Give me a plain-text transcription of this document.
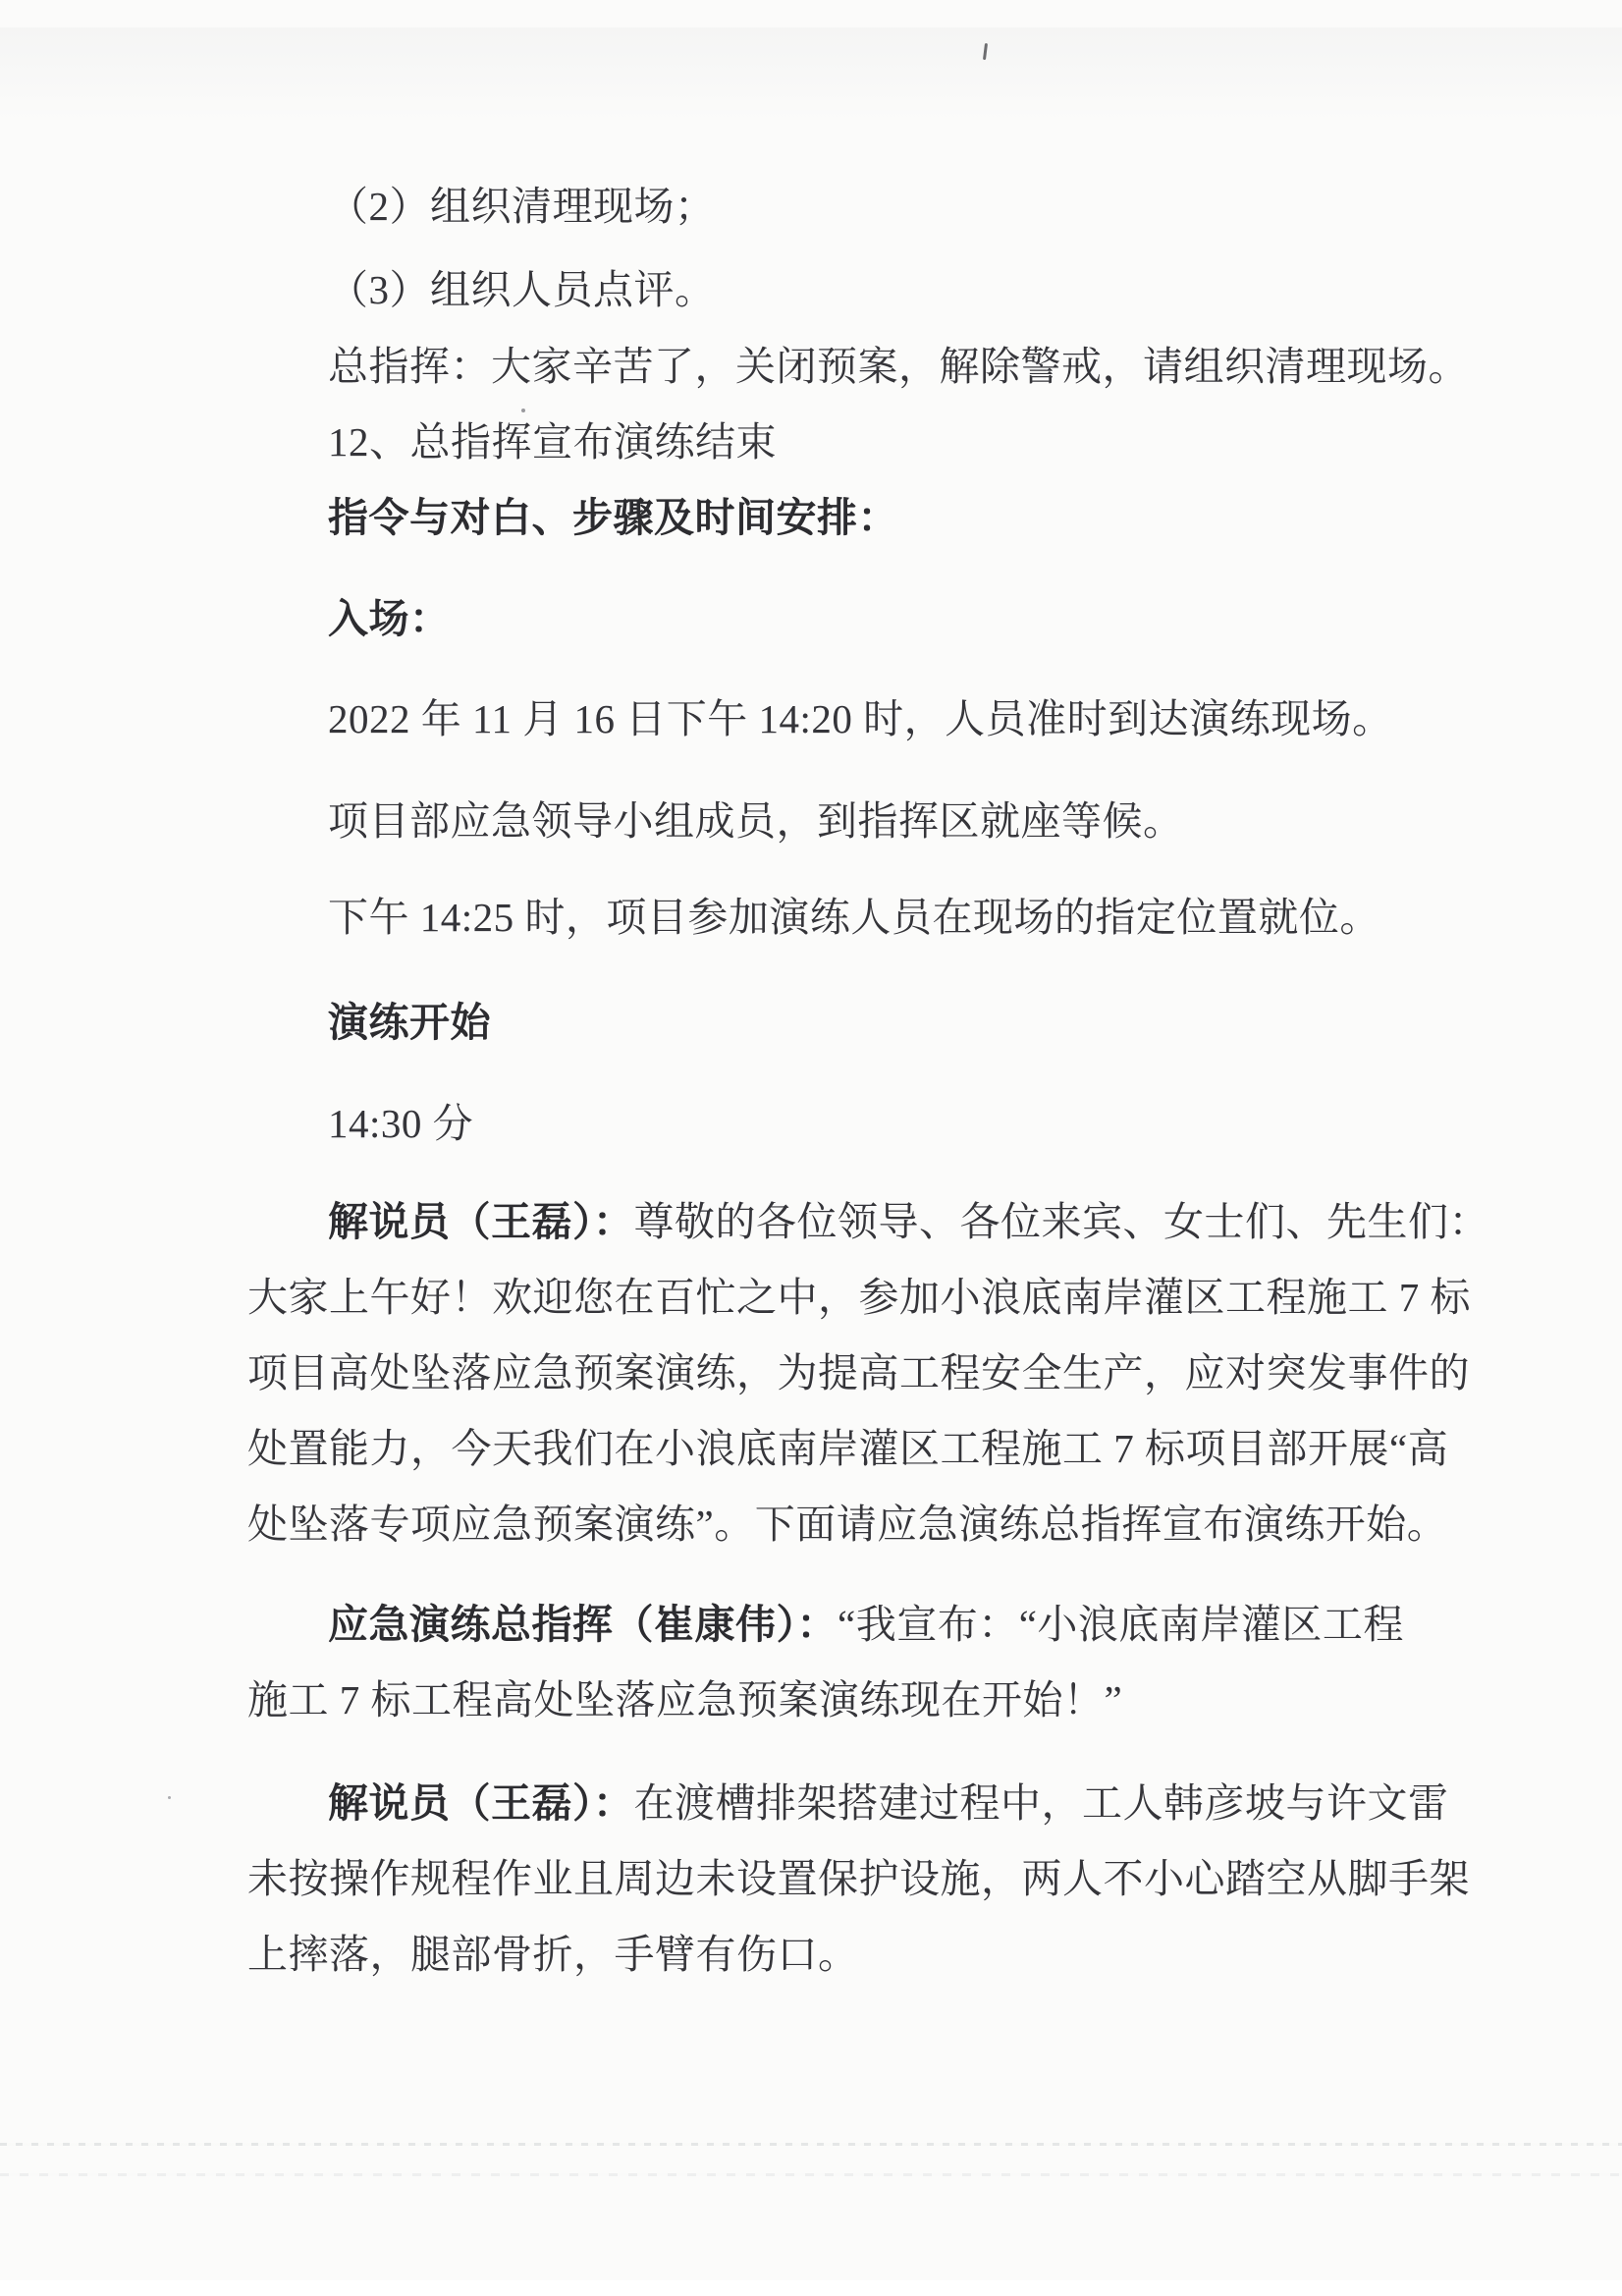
（2）组织清理现场；
（3）组织人员点评。
总指挥：大家辛苦了，关闭预案，解除警戒，请组织清理现场。
12、总指挥宣布演练结束
指令与对白、步骤及时间安排：
入场：
2022 年 11 月 16 日下午 14:20 时，人员准时到达演练现场。
项目部应急领导小组成员，到指挥区就座等候。
下午 14:25 时，项目参加演练人员在现场的指定位置就位。
演练开始
14:30 分
解说员（王磊）：尊敬的各位领导、各位来宾、女士们、先生们：
大家上午好！欢迎您在百忙之中，参加小浪底南岸灌区工程施工 7 标
项目高处坠落应急预案演练，为提高工程安全生产，应对突发事件的
处置能力，今天我们在小浪底南岸灌区工程施工 7 标项目部开展“高
处坠落专项应急预案演练”。下面请应急演练总指挥宣布演练开始。
应急演练总指挥（崔康伟）：“我宣布：“小浪底南岸灌区工程
施工 7 标工程高处坠落应急预案演练现在开始！”
解说员（王磊）：在渡槽排架搭建过程中，工人韩彦坡与许文雷
未按操作规程作业且周边未设置保护设施，两人不小心踏空从脚手架
上摔落，腿部骨折，手臂有伤口。
